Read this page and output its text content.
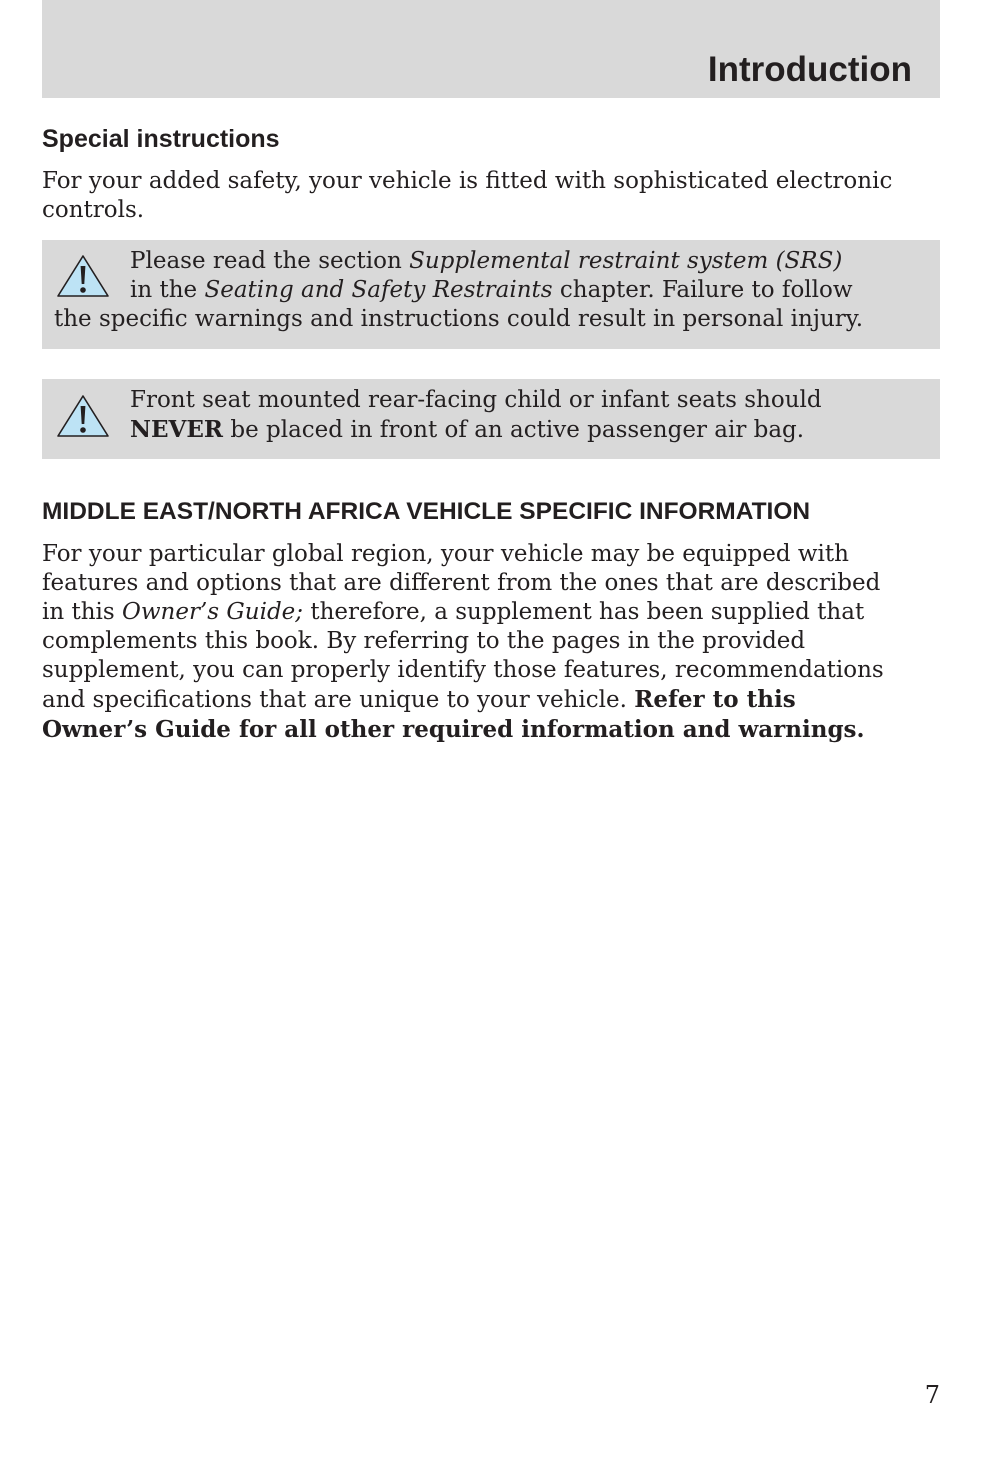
Introduction
Special instructions

For your added safety, your vehicle is fitted with sophisticated electronic
controls.

Please read the section Supplemental restraint system (SRS)
in the Seating and Safety Restraints chapter. Failure to follow
the specific warnings and instructions could result in personal injury.

Front seat mounted rear-facing child or infant seats should
NEVER be placed in front of an active passenger air bag.

MIDDLE EAST/NORTH AFRICA VEHICLE SPECIFIC INFORMATION

For your particular global region, your vehicle may be equipped with
features and options that are different from the ones that are described
in this Owner’s Guide; therefore, a supplement has been supplied that
complements this book. By referring to the pages in the provided
supplement, you can properly identify those features, recommendations
and specifications that are unique to your vehicle. Refer to this
Owner’s Guide for all other required information and warnings.

7
